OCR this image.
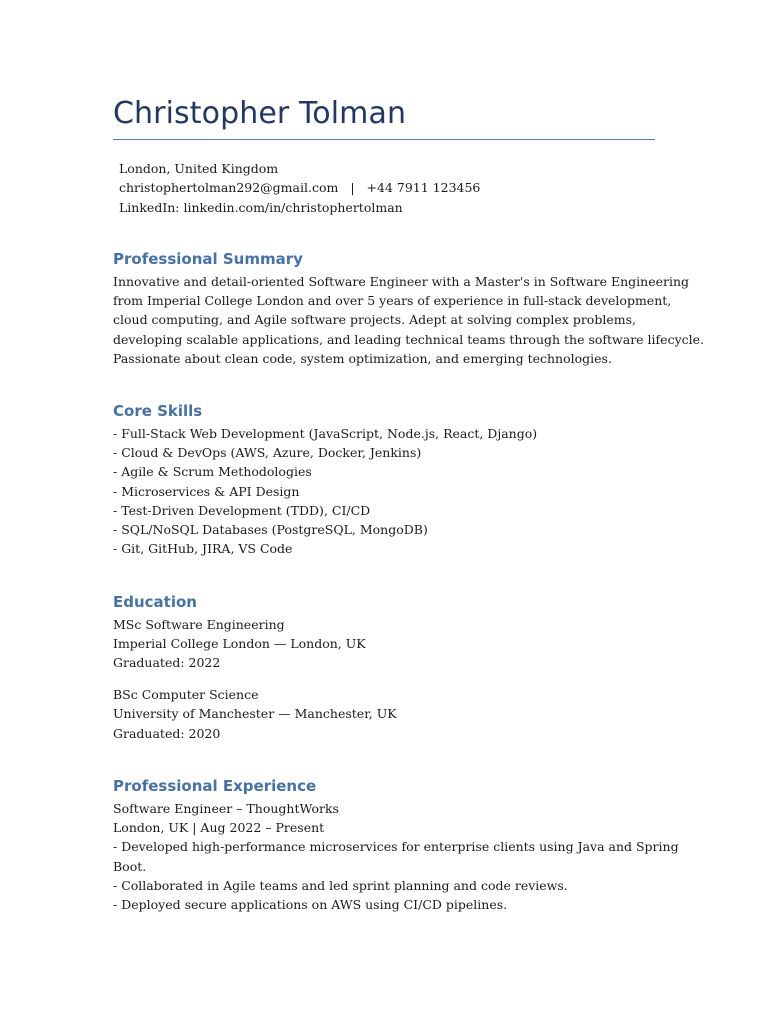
Christopher Tolman
London, United Kingdom
christophertolman292@gmail.com | +44 7911 123456
LinkedIn: linkedin.com/in/christophertolman
Professional Summary
Innovative and detail-oriented Software Engineer with a Master's in Software Engineering
from Imperial College London and over 5 years of experience in full-stack development,
cloud computing, and Agile software projects. Adept at solving complex problems,
developing scalable applications, and leading technical teams through the software lifecycle.
Passionate about clean code, system optimization, and emerging technologies.
Core Skills
- Full-Stack Web Development (JavaScript, Node.js, React, Django)
- Cloud & DevOps (AWS, Azure, Docker, Jenkins)
- Agile & Scrum Methodologies
- Microservices & API Design
- Test-Driven Development (TDD), CI/CD
- SQL/NoSQL Databases (PostgreSQL, MongoDB)
- Git, GitHub, JIRA, VS Code
Education
MSc Software Engineering
Imperial College London — London, UK
Graduated: 2022
BSc Computer Science
University of Manchester — Manchester, UK
Graduated: 2020
Professional Experience
Software Engineer – ThoughtWorks
London, UK | Aug 2022 – Present
- Developed high-performance microservices for enterprise clients using Java and Spring
Boot.
- Collaborated in Agile teams and led sprint planning and code reviews.
- Deployed secure applications on AWS using CI/CD pipelines.
